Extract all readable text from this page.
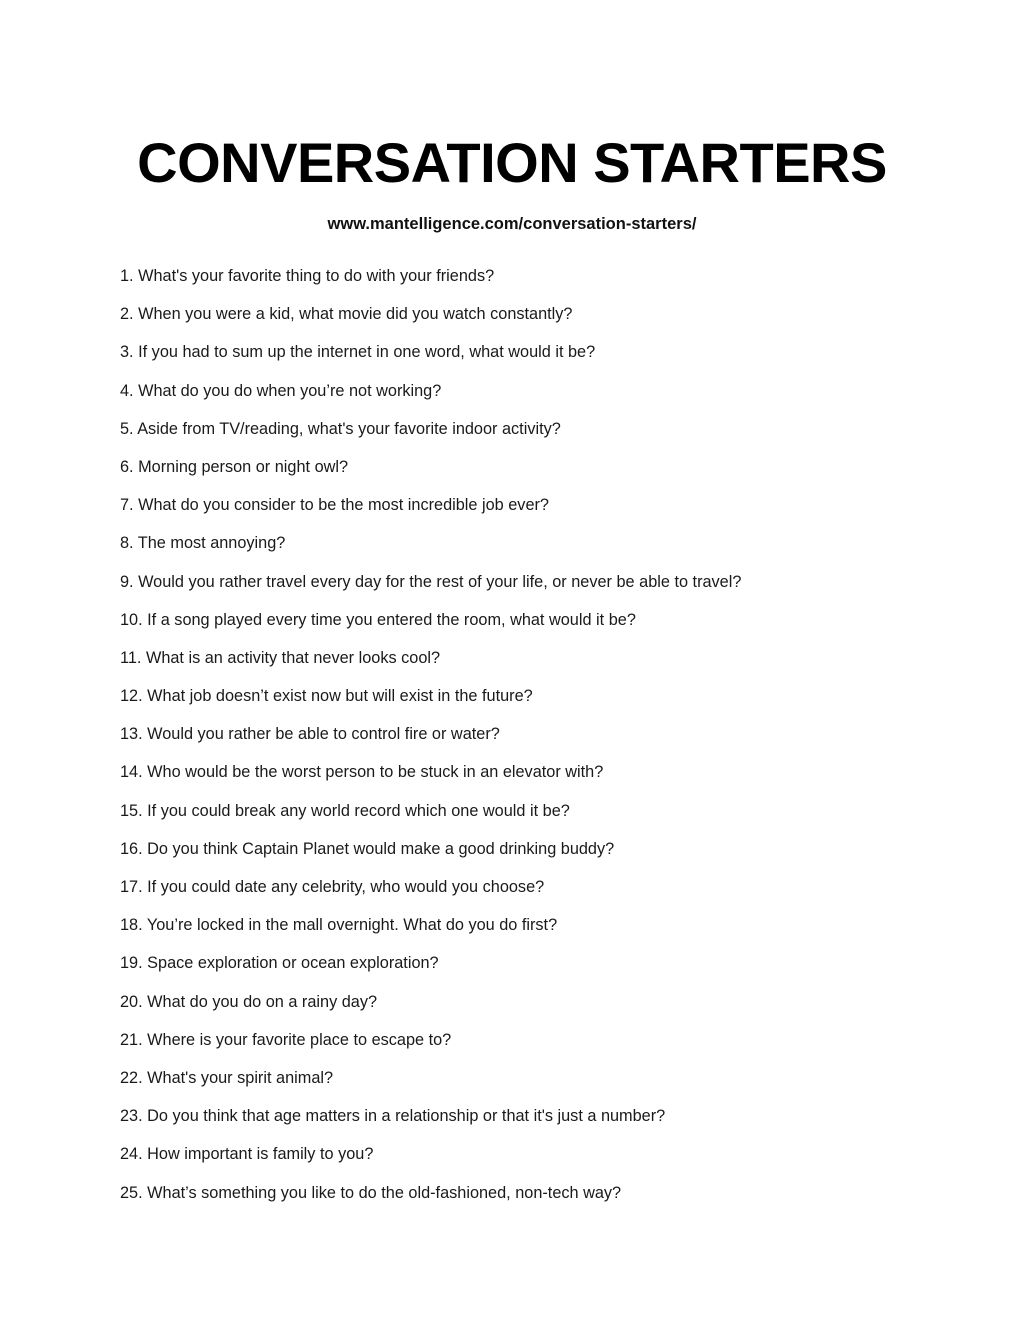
CONVERSATION STARTERS
www.mantelligence.com/conversation-starters/
1. What's your favorite thing to do with your friends?
2. When you were a kid, what movie did you watch constantly?
3. If you had to sum up the internet in one word, what would it be?
4. What do you do when you’re not working?
5. Aside from TV/reading, what's your favorite indoor activity?
6. Morning person or night owl?
7. What do you consider to be the most incredible job ever?
8. The most annoying?
9. Would you rather travel every day for the rest of your life, or never be able to travel?
10. If a song played every time you entered the room, what would it be?
11. What is an activity that never looks cool?
12. What job doesn’t exist now but will exist in the future?
13. Would you rather be able to control fire or water?
14. Who would be the worst person to be stuck in an elevator with?
15. If you could break any world record which one would it be?
16. Do you think Captain Planet would make a good drinking buddy?
17. If you could date any celebrity, who would you choose?
18. You’re locked in the mall overnight. What do you do first?
19. Space exploration or ocean exploration?
20. What do you do on a rainy day?
21. Where is your favorite place to escape to?
22. What's your spirit animal?
23. Do you think that age matters in a relationship or that it's just a number?
24. How important is family to you?
25. What’s something you like to do the old-fashioned, non-tech way?
